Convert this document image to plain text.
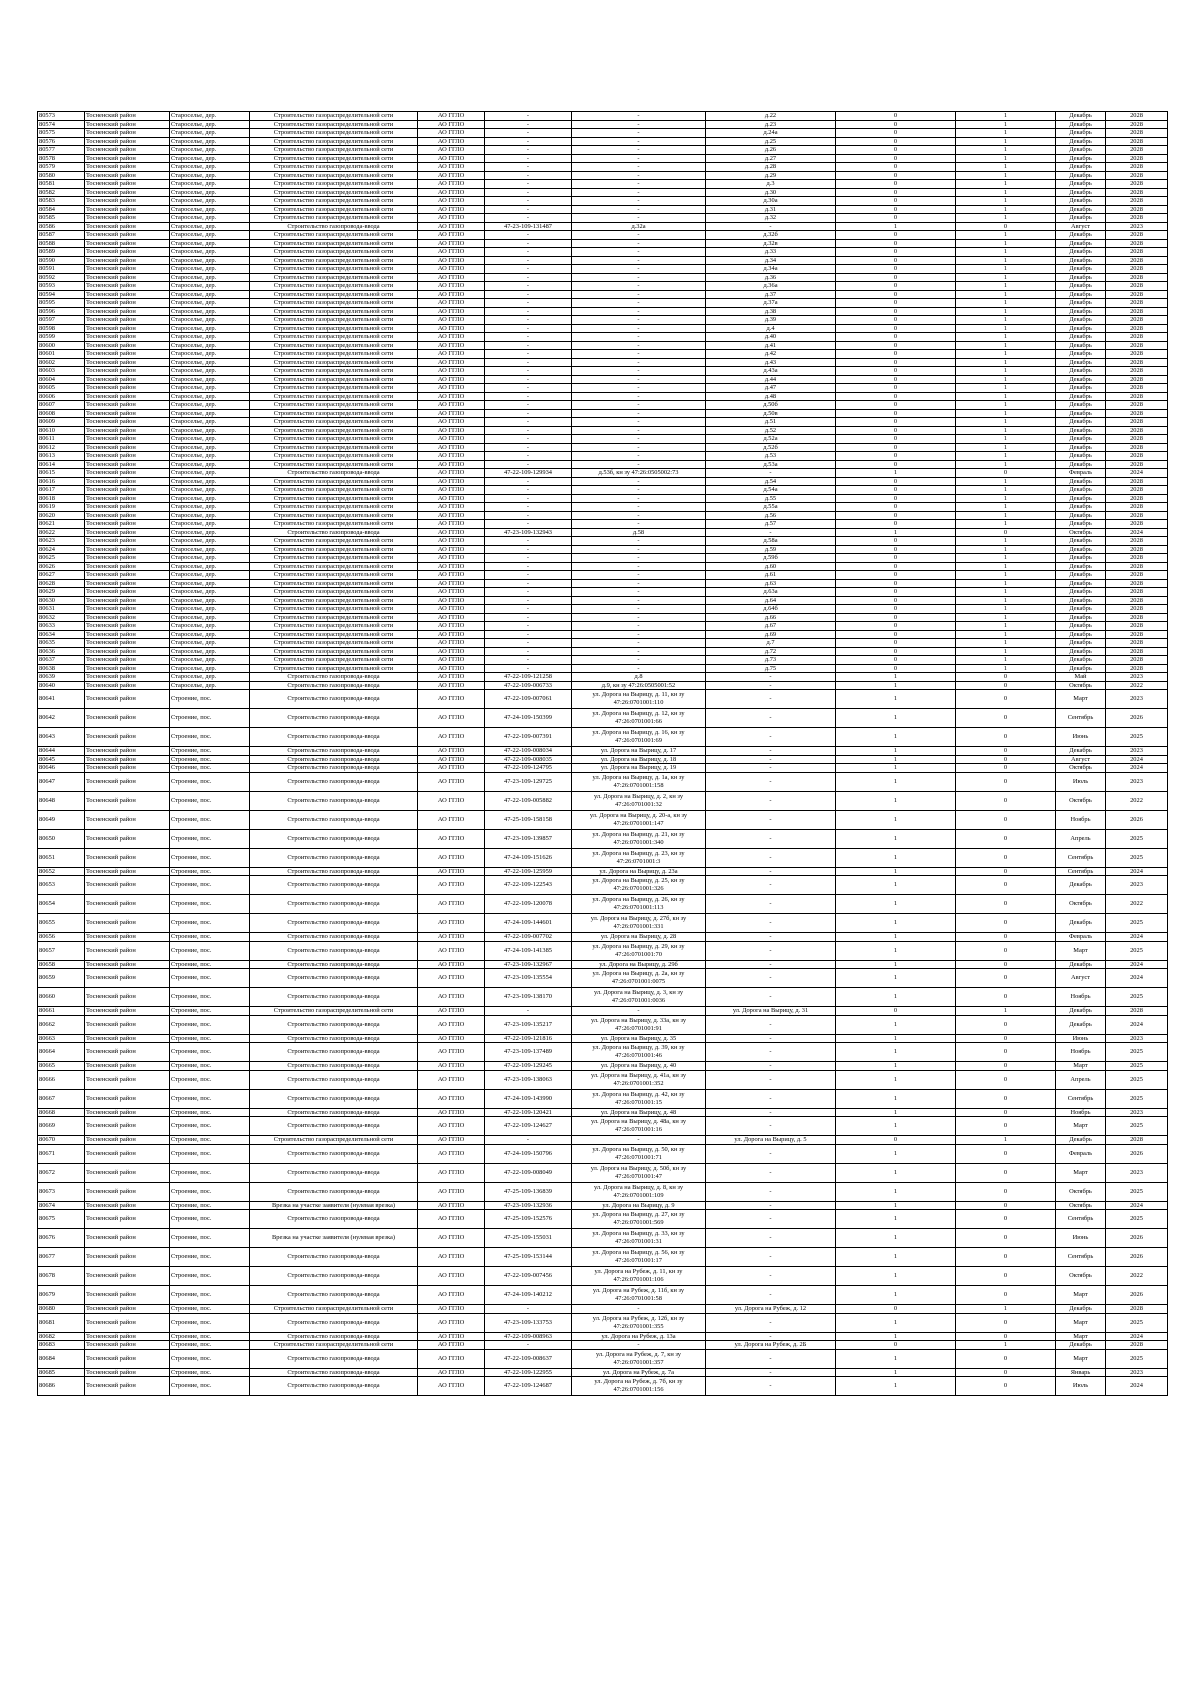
80573	Тосненский район	Староселье, дер.	Строительство газораспределительной сети	АО ГГЛО	-	-	д.22	0	1	Декабрь	2028
80574	Тосненский район	Староселье, дер.	Строительство газораспределительной сети	АО ГГЛО	-	-	д.23	0	1	Декабрь	2028
80575	Тосненский район	Староселье, дер.	Строительство газораспределительной сети	АО ГГЛО	-	-	д.24а	0	1	Декабрь	2028
80576	Тосненский район	Староселье, дер.	Строительство газораспределительной сети	АО ГГЛО	-	-	д.25	0	1	Декабрь	2028
80577	Тосненский район	Староселье, дер.	Строительство газораспределительной сети	АО ГГЛО	-	-	д.26	0	1	Декабрь	2028
80578	Тосненский район	Староселье, дер.	Строительство газораспределительной сети	АО ГГЛО	-	-	д.27	0	1	Декабрь	2028
80579	Тосненский район	Староселье, дер.	Строительство газораспределительной сети	АО ГГЛО	-	-	д.28	0	1	Декабрь	2028
80580	Тосненский район	Староселье, дер.	Строительство газораспределительной сети	АО ГГЛО	-	-	д.29	0	1	Декабрь	2028
80581	Тосненский район	Староселье, дер.	Строительство газораспределительной сети	АО ГГЛО	-	-	д.3	0	1	Декабрь	2028
80582	Тосненский район	Староселье, дер.	Строительство газораспределительной сети	АО ГГЛО	-	-	д.30	0	1	Декабрь	2028
80583	Тосненский район	Староселье, дер.	Строительство газораспределительной сети	АО ГГЛО	-	-	д.30а	0	1	Декабрь	2028
80584	Тосненский район	Староселье, дер.	Строительство газораспределительной сети	АО ГГЛО	-	-	д.31	0	1	Декабрь	2028
80585	Тосненский район	Староселье, дер.	Строительство газораспределительной сети	АО ГГЛО	-	-	д.32	0	1	Декабрь	2028
80586	Тосненский район	Староселье, дер.	Строительство газопровода-ввода	АО ГГЛО	47-23-109-131487	д.32а	-	1	0	Август	2023
80587	Тосненский район	Староселье, дер.	Строительство газораспределительной сети	АО ГГЛО	-	-	д.32б	0	1	Декабрь	2028
80588	Тосненский район	Староселье, дер.	Строительство газораспределительной сети	АО ГГЛО	-	-	д.32в	0	1	Декабрь	2028
80589	Тосненский район	Староселье, дер.	Строительство газораспределительной сети	АО ГГЛО	-	-	д.33	0	1	Декабрь	2028
80590	Тосненский район	Староселье, дер.	Строительство газораспределительной сети	АО ГГЛО	-	-	д.34	0	1	Декабрь	2028
80591	Тосненский район	Староселье, дер.	Строительство газораспределительной сети	АО ГГЛО	-	-	д.34а	0	1	Декабрь	2028
80592	Тосненский район	Староселье, дер.	Строительство газораспределительной сети	АО ГГЛО	-	-	д.36	0	1	Декабрь	2028
80593	Тосненский район	Староселье, дер.	Строительство газораспределительной сети	АО ГГЛО	-	-	д.36а	0	1	Декабрь	2028
80594	Тосненский район	Староселье, дер.	Строительство газораспределительной сети	АО ГГЛО	-	-	д.37	0	1	Декабрь	2028
80595	Тосненский район	Староселье, дер.	Строительство газораспределительной сети	АО ГГЛО	-	-	д.37а	0	1	Декабрь	2028
80596	Тосненский район	Староселье, дер.	Строительство газораспределительной сети	АО ГГЛО	-	-	д.38	0	1	Декабрь	2028
80597	Тосненский район	Староселье, дер.	Строительство газораспределительной сети	АО ГГЛО	-	-	д.39	0	1	Декабрь	2028
80598	Тосненский район	Староселье, дер.	Строительство газораспределительной сети	АО ГГЛО	-	-	д.4	0	1	Декабрь	2028
80599	Тосненский район	Староселье, дер.	Строительство газораспределительной сети	АО ГГЛО	-	-	д.40	0	1	Декабрь	2028
80600	Тосненский район	Староселье, дер.	Строительство газораспределительной сети	АО ГГЛО	-	-	д.41	0	1	Декабрь	2028
80601	Тосненский район	Староселье, дер.	Строительство газораспределительной сети	АО ГГЛО	-	-	д.42	0	1	Декабрь	2028
80602	Тосненский район	Староселье, дер.	Строительство газораспределительной сети	АО ГГЛО	-	-	д.43	0	1	Декабрь	2028
80603	Тосненский район	Староселье, дер.	Строительство газораспределительной сети	АО ГГЛО	-	-	д.43а	0	1	Декабрь	2028
80604	Тосненский район	Староселье, дер.	Строительство газораспределительной сети	АО ГГЛО	-	-	д.44	0	1	Декабрь	2028
80605	Тосненский район	Староселье, дер.	Строительство газораспределительной сети	АО ГГЛО	-	-	д.47	0	1	Декабрь	2028
80606	Тосненский район	Староселье, дер.	Строительство газораспределительной сети	АО ГГЛО	-	-	д.48	0	1	Декабрь	2028
80607	Тосненский район	Староселье, дер.	Строительство газораспределительной сети	АО ГГЛО	-	-	д.50б	0	1	Декабрь	2028
80608	Тосненский район	Староселье, дер.	Строительство газораспределительной сети	АО ГГЛО	-	-	д.50в	0	1	Декабрь	2028
80609	Тосненский район	Староселье, дер.	Строительство газораспределительной сети	АО ГГЛО	-	-	д.51	0	1	Декабрь	2028
80610	Тосненский район	Староселье, дер.	Строительство газораспределительной сети	АО ГГЛО	-	-	д.52	0	1	Декабрь	2028
80611	Тосненский район	Староселье, дер.	Строительство газораспределительной сети	АО ГГЛО	-	-	д.52а	0	1	Декабрь	2028
80612	Тосненский район	Староселье, дер.	Строительство газораспределительной сети	АО ГГЛО	-	-	д.52б	0	1	Декабрь	2028
80613	Тосненский район	Староселье, дер.	Строительство газораспределительной сети	АО ГГЛО	-	-	д.53	0	1	Декабрь	2028
80614	Тосненский район	Староселье, дер.	Строительство газораспределительной сети	АО ГГЛО	-	-	д.53а	0	1	Декабрь	2028
80615	Тосненский район	Староселье, дер.	Строительство газопровода-ввода	АО ГГЛО	47-22-109-129934	д.53б, кн зу 47:26:0505002:73	-	1	0	Февраль	2024
80616	Тосненский район	Староселье, дер.	Строительство газораспределительной сети	АО ГГЛО	-	-	д.54	0	1	Декабрь	2028
80617	Тосненский район	Староселье, дер.	Строительство газораспределительной сети	АО ГГЛО	-	-	д.54а	0	1	Декабрь	2028
80618	Тосненский район	Староселье, дер.	Строительство газораспределительной сети	АО ГГЛО	-	-	д.55	0	1	Декабрь	2028
80619	Тосненский район	Староселье, дер.	Строительство газораспределительной сети	АО ГГЛО	-	-	д.55а	0	1	Декабрь	2028
80620	Тосненский район	Староселье, дер.	Строительство газораспределительной сети	АО ГГЛО	-	-	д.56	0	1	Декабрь	2028
80621	Тосненский район	Староселье, дер.	Строительство газораспределительной сети	АО ГГЛО	-	-	д.57	0	1	Декабрь	2028
80622	Тосненский район	Староселье, дер.	Строительство газопровода-ввода	АО ГГЛО	47-23-109-132943	д.58	-	1	0	Октябрь	2024
80623	Тосненский район	Староселье, дер.	Строительство газораспределительной сети	АО ГГЛО	-	-	д.58а	0	1	Декабрь	2028
80624	Тосненский район	Староселье, дер.	Строительство газораспределительной сети	АО ГГЛО	-	-	д.59	0	1	Декабрь	2028
80625	Тосненский район	Староселье, дер.	Строительство газораспределительной сети	АО ГГЛО	-	-	д.59б	0	1	Декабрь	2028
80626	Тосненский район	Староселье, дер.	Строительство газораспределительной сети	АО ГГЛО	-	-	д.60	0	1	Декабрь	2028
80627	Тосненский район	Староселье, дер.	Строительство газораспределительной сети	АО ГГЛО	-	-	д.61	0	1	Декабрь	2028
80628	Тосненский район	Староселье, дер.	Строительство газораспределительной сети	АО ГГЛО	-	-	д.63	0	1	Декабрь	2028
80629	Тосненский район	Староселье, дер.	Строительство газораспределительной сети	АО ГГЛО	-	-	д.63а	0	1	Декабрь	2028
80630	Тосненский район	Староселье, дер.	Строительство газораспределительной сети	АО ГГЛО	-	-	д.64	0	1	Декабрь	2028
80631	Тосненский район	Староселье, дер.	Строительство газораспределительной сети	АО ГГЛО	-	-	д.64б	0	1	Декабрь	2028
80632	Тосненский район	Староселье, дер.	Строительство газораспределительной сети	АО ГГЛО	-	-	д.66	0	1	Декабрь	2028
80633	Тосненский район	Староселье, дер.	Строительство газораспределительной сети	АО ГГЛО	-	-	д.67	0	1	Декабрь	2028
80634	Тосненский район	Староселье, дер.	Строительство газораспределительной сети	АО ГГЛО	-	-	д.69	0	1	Декабрь	2028
80635	Тосненский район	Староселье, дер.	Строительство газораспределительной сети	АО ГГЛО	-	-	д.7	0	1	Декабрь	2028
80636	Тосненский район	Староселье, дер.	Строительство газораспределительной сети	АО ГГЛО	-	-	д.72	0	1	Декабрь	2028
80637	Тосненский район	Староселье, дер.	Строительство газораспределительной сети	АО ГГЛО	-	-	д.73	0	1	Декабрь	2028
80638	Тосненский район	Староселье, дер.	Строительство газораспределительной сети	АО ГГЛО	-	-	д.75	0	1	Декабрь	2028
80639	Тосненский район	Староселье, дер.	Строительство газопровода-ввода	АО ГГЛО	47-22-109-121258	д.8	-	1	0	Май	2023
80640	Тосненский район	Староселье, дер.	Строительство газопровода-ввода	АО ГГЛО	47-22-109-006733	д.9, кн зу 47:26:0505001:52	-	1	0	Октябрь	2022
80641	Тосненский район	Строение, пос.	Строительство газопровода-ввода	АО ГГЛО	47-22-109-007061	ул. Дорога на Вырицу, д. 11, кн зу 47:26:0701001:110	-	1	0	Март	2023
80642	Тосненский район	Строение, пос.	Строительство газопровода-ввода	АО ГГЛО	47-24-109-150399	ул. Дорога на Вырицу, д. 12, кн зу 47:26:0701001:66	-	1	0	Сентябрь	2026
80643	Тосненский район	Строение, пос.	Строительство газопровода-ввода	АО ГГЛО	47-22-109-007391	ул. Дорога на Вырицу, д. 16, кн зу 47:26:0701001:69	-	1	0	Июнь	2025
80644	Тосненский район	Строение, пос.	Строительство газопровода-ввода	АО ГГЛО	47-22-109-008034	ул. Дорога на Вырицу, д. 17	-	1	0	Декабрь	2023
80645	Тосненский район	Строение, пос.	Строительство газопровода-ввода	АО ГГЛО	47-22-109-008035	ул. Дорога на Вырицу, д. 18	-	1	0	Август	2024
80646	Тосненский район	Строение, пос.	Строительство газопровода-ввода	АО ГГЛО	47-22-109-124795	ул. Дорога на Вырицу, д. 19	-	1	0	Октябрь	2024
80647	Тосненский район	Строение, пос.	Строительство газопровода-ввода	АО ГГЛО	47-23-109-129725	ул. Дорога на Вырицу, д. 1а, кн зу 47:26:0701001:158	-	1	0	Июль	2023
80648	Тосненский район	Строение, пос.	Строительство газопровода-ввода	АО ГГЛО	47-22-109-005882	ул. Дорога на Вырицу, д. 2, кн зу 47:26:0701001:32	-	1	0	Октябрь	2022
80649	Тосненский район	Строение, пос.	Строительство газопровода-ввода	АО ГГЛО	47-25-109-158158	ул. Дорога на Вырицу, д. 20-а, кн зу 47:26:0701001:147	-	1	0	Ноябрь	2026
80650	Тосненский район	Строение, пос.	Строительство газопровода-ввода	АО ГГЛО	47-23-109-139857	ул. Дорога на Вырицу, д. 21, кн зу 47:26:0701001:340	-	1	0	Апрель	2025
80651	Тосненский район	Строение, пос.	Строительство газопровода-ввода	АО ГГЛО	47-24-109-151626	ул. Дорога на Вырицу, д. 23, кн зу 47:26:0701001:3	-	1	0	Сентябрь	2025
80652	Тосненский район	Строение, пос.	Строительство газопровода-ввода	АО ГГЛО	47-22-109-125959	ул. Дорога на Вырицу, д. 23а	-	1	0	Сентябрь	2024
80653	Тосненский район	Строение, пос.	Строительство газопровода-ввода	АО ГГЛО	47-22-109-122543	ул. Дорога на Вырицу, д. 25, кн зу 47:26:0701001:326	-	1	0	Декабрь	2023
80654	Тосненский район	Строение, пос.	Строительство газопровода-ввода	АО ГГЛО	47-22-109-120078	ул. Дорога на Вырицу, д. 26, кн зу 47:26:0701001:113	-	1	0	Октябрь	2022
80655	Тосненский район	Строение, пос.	Строительство газопровода-ввода	АО ГГЛО	47-24-109-144601	ул. Дорога на Вырицу, д. 27б, кн зу 47:26:0701001:331	-	1	0	Декабрь	2025
80656	Тосненский район	Строение, пос.	Строительство газопровода-ввода	АО ГГЛО	47-22-109-007702	ул. Дорога на Вырицу, д. 28	-	1	0	Февраль	2024
80657	Тосненский район	Строение, пос.	Строительство газопровода-ввода	АО ГГЛО	47-24-109-141385	ул. Дорога на Вырицу, д. 29, кн зу 47:26:0701001:70	-	1	0	Март	2025
80658	Тосненский район	Строение, пос.	Строительство газопровода-ввода	АО ГГЛО	47-23-109-132967	ул. Дорога на Вырицу, д. 29б	-	1	0	Декабрь	2024
80659	Тосненский район	Строение, пос.	Строительство газопровода-ввода	АО ГГЛО	47-23-109-135554	ул. Дорога на Вырицу, д. 2а, кн зу 47:26:0701001:0075	-	1	0	Август	2024
80660	Тосненский район	Строение, пос.	Строительство газопровода-ввода	АО ГГЛО	47-23-109-138170	ул. Дорога на Вырицу, д. 3, кн зу 47:26:0701001:0036	-	1	0	Ноябрь	2025
80661	Тосненский район	Строение, пос.	Строительство газораспределительной сети	АО ГГЛО	-	-	ул. Дорога на Вырицу, д. 31	0	1	Декабрь	2028
80662	Тосненский район	Строение, пос.	Строительство газопровода-ввода	АО ГГЛО	47-23-109-135217	ул. Дорога на Вырицу, д. 33а, кн зу 47:26:0701001:91	-	1	0	Декабрь	2024
80663	Тосненский район	Строение, пос.	Строительство газопровода-ввода	АО ГГЛО	47-22-109-121816	ул. Дорога на Вырицу, д. 35	-	1	0	Июнь	2023
80664	Тосненский район	Строение, пос.	Строительство газопровода-ввода	АО ГГЛО	47-23-109-137489	ул. Дорога на Вырицу, д. 39, кн зу 47:26:0701001:46	-	1	0	Ноябрь	2025
80665	Тосненский район	Строение, пос.	Строительство газопровода-ввода	АО ГГЛО	47-22-109-129245	ул. Дорога на Вырицу, д. 40	-	1	0	Март	2025
80666	Тосненский район	Строение, пос.	Строительство газопровода-ввода	АО ГГЛО	47-23-109-138063	ул. Дорога на Вырицу, д. 41а, кн зу 47:26:0701001:352	-	1	0	Апрель	2025
80667	Тосненский район	Строение, пос.	Строительство газопровода-ввода	АО ГГЛО	47-24-109-143990	ул. Дорога на Вырицу, д. 42, кн зу 47:26:0701001:15	-	1	0	Сентябрь	2025
80668	Тосненский район	Строение, пос.	Строительство газопровода-ввода	АО ГГЛО	47-22-109-120421	ул. Дорога на Вырицу, д. 48	-	1	0	Ноябрь	2023
80669	Тосненский район	Строение, пос.	Строительство газопровода-ввода	АО ГГЛО	47-22-109-124627	ул. Дорога на Вырицу, д. 48а, кн зу 47:26:0701001:16	-	1	0	Март	2025
80670	Тосненский район	Строение, пос.	Строительство газораспределительной сети	АО ГГЛО	-	-	ул. Дорога на Вырицу, д. 5	0	1	Декабрь	2028
80671	Тосненский район	Строение, пос.	Строительство газопровода-ввода	АО ГГЛО	47-24-109-150796	ул. Дорога на Вырицу, д. 50, кн зу 47:26:0701001:71	-	1	0	Февраль	2026
80672	Тосненский район	Строение, пос.	Строительство газопровода-ввода	АО ГГЛО	47-22-109-008049	ул. Дорога на Вырицу, д. 50б, кн зу 47:26:0701001:47	-	1	0	Март	2023
80673	Тосненский район	Строение, пос.	Строительство газопровода-ввода	АО ГГЛО	47-25-109-136839	ул. Дорога на Вырицу, д. 8, кн зу 47:26:0701001:109	-	1	0	Октябрь	2025
80674	Тосненский район	Строение, пос.	Врезка на участке заявителя (нулевая врезка)	АО ГГЛО	47-23-109-132936	ул. Дорога на Вырицу, д. 9	-	1	0	Октябрь	2024
80675	Тосненский район	Строение, пос.	Строительство газопровода-ввода	АО ГГЛО	47-25-109-152576	ул. Дорога на Вырицу, д. 27, кн зу 47:26:0701001:569	-	1	0	Сентябрь	2025
80676	Тосненский район	Строение, пос.	Врезка на участке заявителя (нулевая врезка)	АО ГГЛО	47-25-109-155031	ул. Дорога на Вырицу, д. 33, кн зу 47:26:0701001:31	-	1	0	Июнь	2026
80677	Тосненский район	Строение, пос.	Строительство газопровода-ввода	АО ГГЛО	47-25-109-153144	ул. Дорога на Вырицу, д. 56, кн зу 47:26:0701001:17	-	1	0	Сентябрь	2026
80678	Тосненский район	Строение, пос.	Строительство газопровода-ввода	АО ГГЛО	47-22-109-007456	ул. Дорога на Рубеж, д. 11, кн зу 47:26:0701001:106	-	1	0	Октябрь	2022
80679	Тосненский район	Строение, пос.	Строительство газопровода-ввода	АО ГГЛО	47-24-109-140212	ул. Дорога на Рубеж, д. 11б, кн зу 47:26:0701001:58	-	1	0	Март	2026
80680	Тосненский район	Строение, пос.	Строительство газораспределительной сети	АО ГГЛО	-	-	ул. Дорога на Рубеж, д. 12	0	1	Декабрь	2028
80681	Тосненский район	Строение, пос.	Строительство газопровода-ввода	АО ГГЛО	47-23-109-133753	ул. Дорога на Рубеж, д. 12б, кн зу 47:26:0701001:355	-	1	0	Март	2025
80682	Тосненский район	Строение, пос.	Строительство газопровода-ввода	АО ГГЛО	47-22-109-008963	ул. Дорога на Рубеж, д. 13а	-	1	0	Март	2024
80683	Тосненский район	Строение, пос.	Строительство газораспределительной сети	АО ГГЛО	-	-	ул. Дорога на Рубеж, д. 2Б	0	1	Декабрь	2028
80684	Тосненский район	Строение, пос.	Строительство газопровода-ввода	АО ГГЛО	47-22-109-008637	ул. Дорога на Рубеж, д. 7, кн зу 47:26:0701001:357	-	1	0	Март	2025
80685	Тосненский район	Строение, пос.	Строительство газопровода-ввода	АО ГГЛО	47-22-109-122955	ул. Дорога на Рубеж, д. 7а	-	1	0	Январь	2023
80686	Тосненский район	Строение, пос.	Строительство газопровода-ввода	АО ГГЛО	47-22-109-124687	ул. Дорога на Рубеж, д. 7б, кн зу 47:26:0701001:156	-	1	0	Июль	2024
